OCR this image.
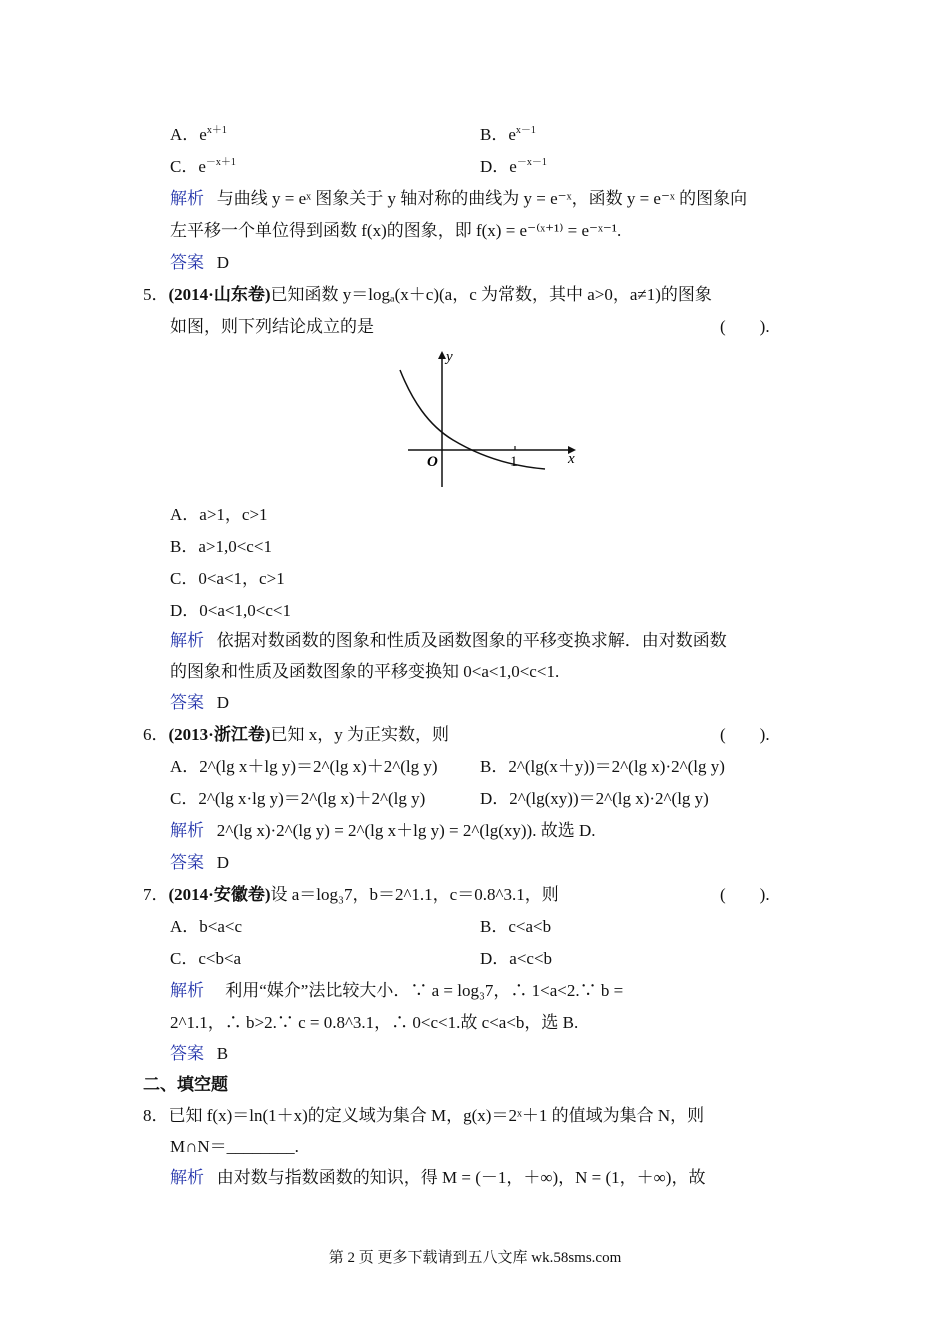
A．$e^{x+1}$	B．$e^{x-1}$
C．$e^{-x+1}$	D．$e^{-x-1}$
解析 与曲线 y = eˣ 图象关于 y 轴对称的曲线为 y = e⁻ˣ，函数 y = e⁻ˣ 的图象向
左平移一个单位得到函数 f(x)的图象，即 f(x) = e⁻⁽ˣ⁺¹⁾ = e⁻ˣ⁻¹.
答案 D
5．(2014·山东卷)已知函数 y＝logₐ(x＋c)(a，c 为常数，其中 a>0，a≠1)的图象
如图，则下列结论成立的是	(　　).
y
x
O	1
A．a>1，c>1
B．a>1,0<c<1
C．0<a<1，c>1
D．0<a<1,0<c<1
解析 依据对数函数的图象和性质及函数图象的平移变换求解．由对数函数
的图象和性质及函数图象的平移变换知 0<a<1,0<c<1.
答案 D
6．(2013·浙江卷)已知 x，y 为正实数，则	(　　).
A．2^(lg x＋lg y)＝2^(lg x)＋2^(lg y) B．2^(lg(x＋y))＝2^(lg x)·2^(lg y)
C．2^(lg x·lg y)＝2^(lg x)＋2^(lg y)	D．2^(lg(xy))＝2^(lg x)·2^(lg y)
解析 2^(lg x)·2^(lg y) = 2^(lg x＋lg y) = 2^(lg(xy)). 故选 D.
答案 D
7．(2014·安徽卷)设 a＝log₃7，b＝2^1.1，c＝0.8^3.1，则	(　　).
A．b<a<c	B．c<a<b
C．c<b<a	D．a<c<b
解析 利用“媒介”法比较大小．∵ a = log₃7，∴ 1<a<2.∵ b =
2^1.1，∴ b>2.∵ c = 0.8^3.1，∴ 0<c<1.故 c<a<b，选 B.
答案 B
二、填空题
8．已知 f(x)＝ln(1＋x)的定义域为集合 M，g(x)＝2ˣ＋1 的值域为集合 N，则
M∩N＝________.
解析 由对数与指数函数的知识，得 M = (－1，＋∞)，N = (1，＋∞)，故
第 2 页 更多下载请到五八文库 wk.58sms.com
